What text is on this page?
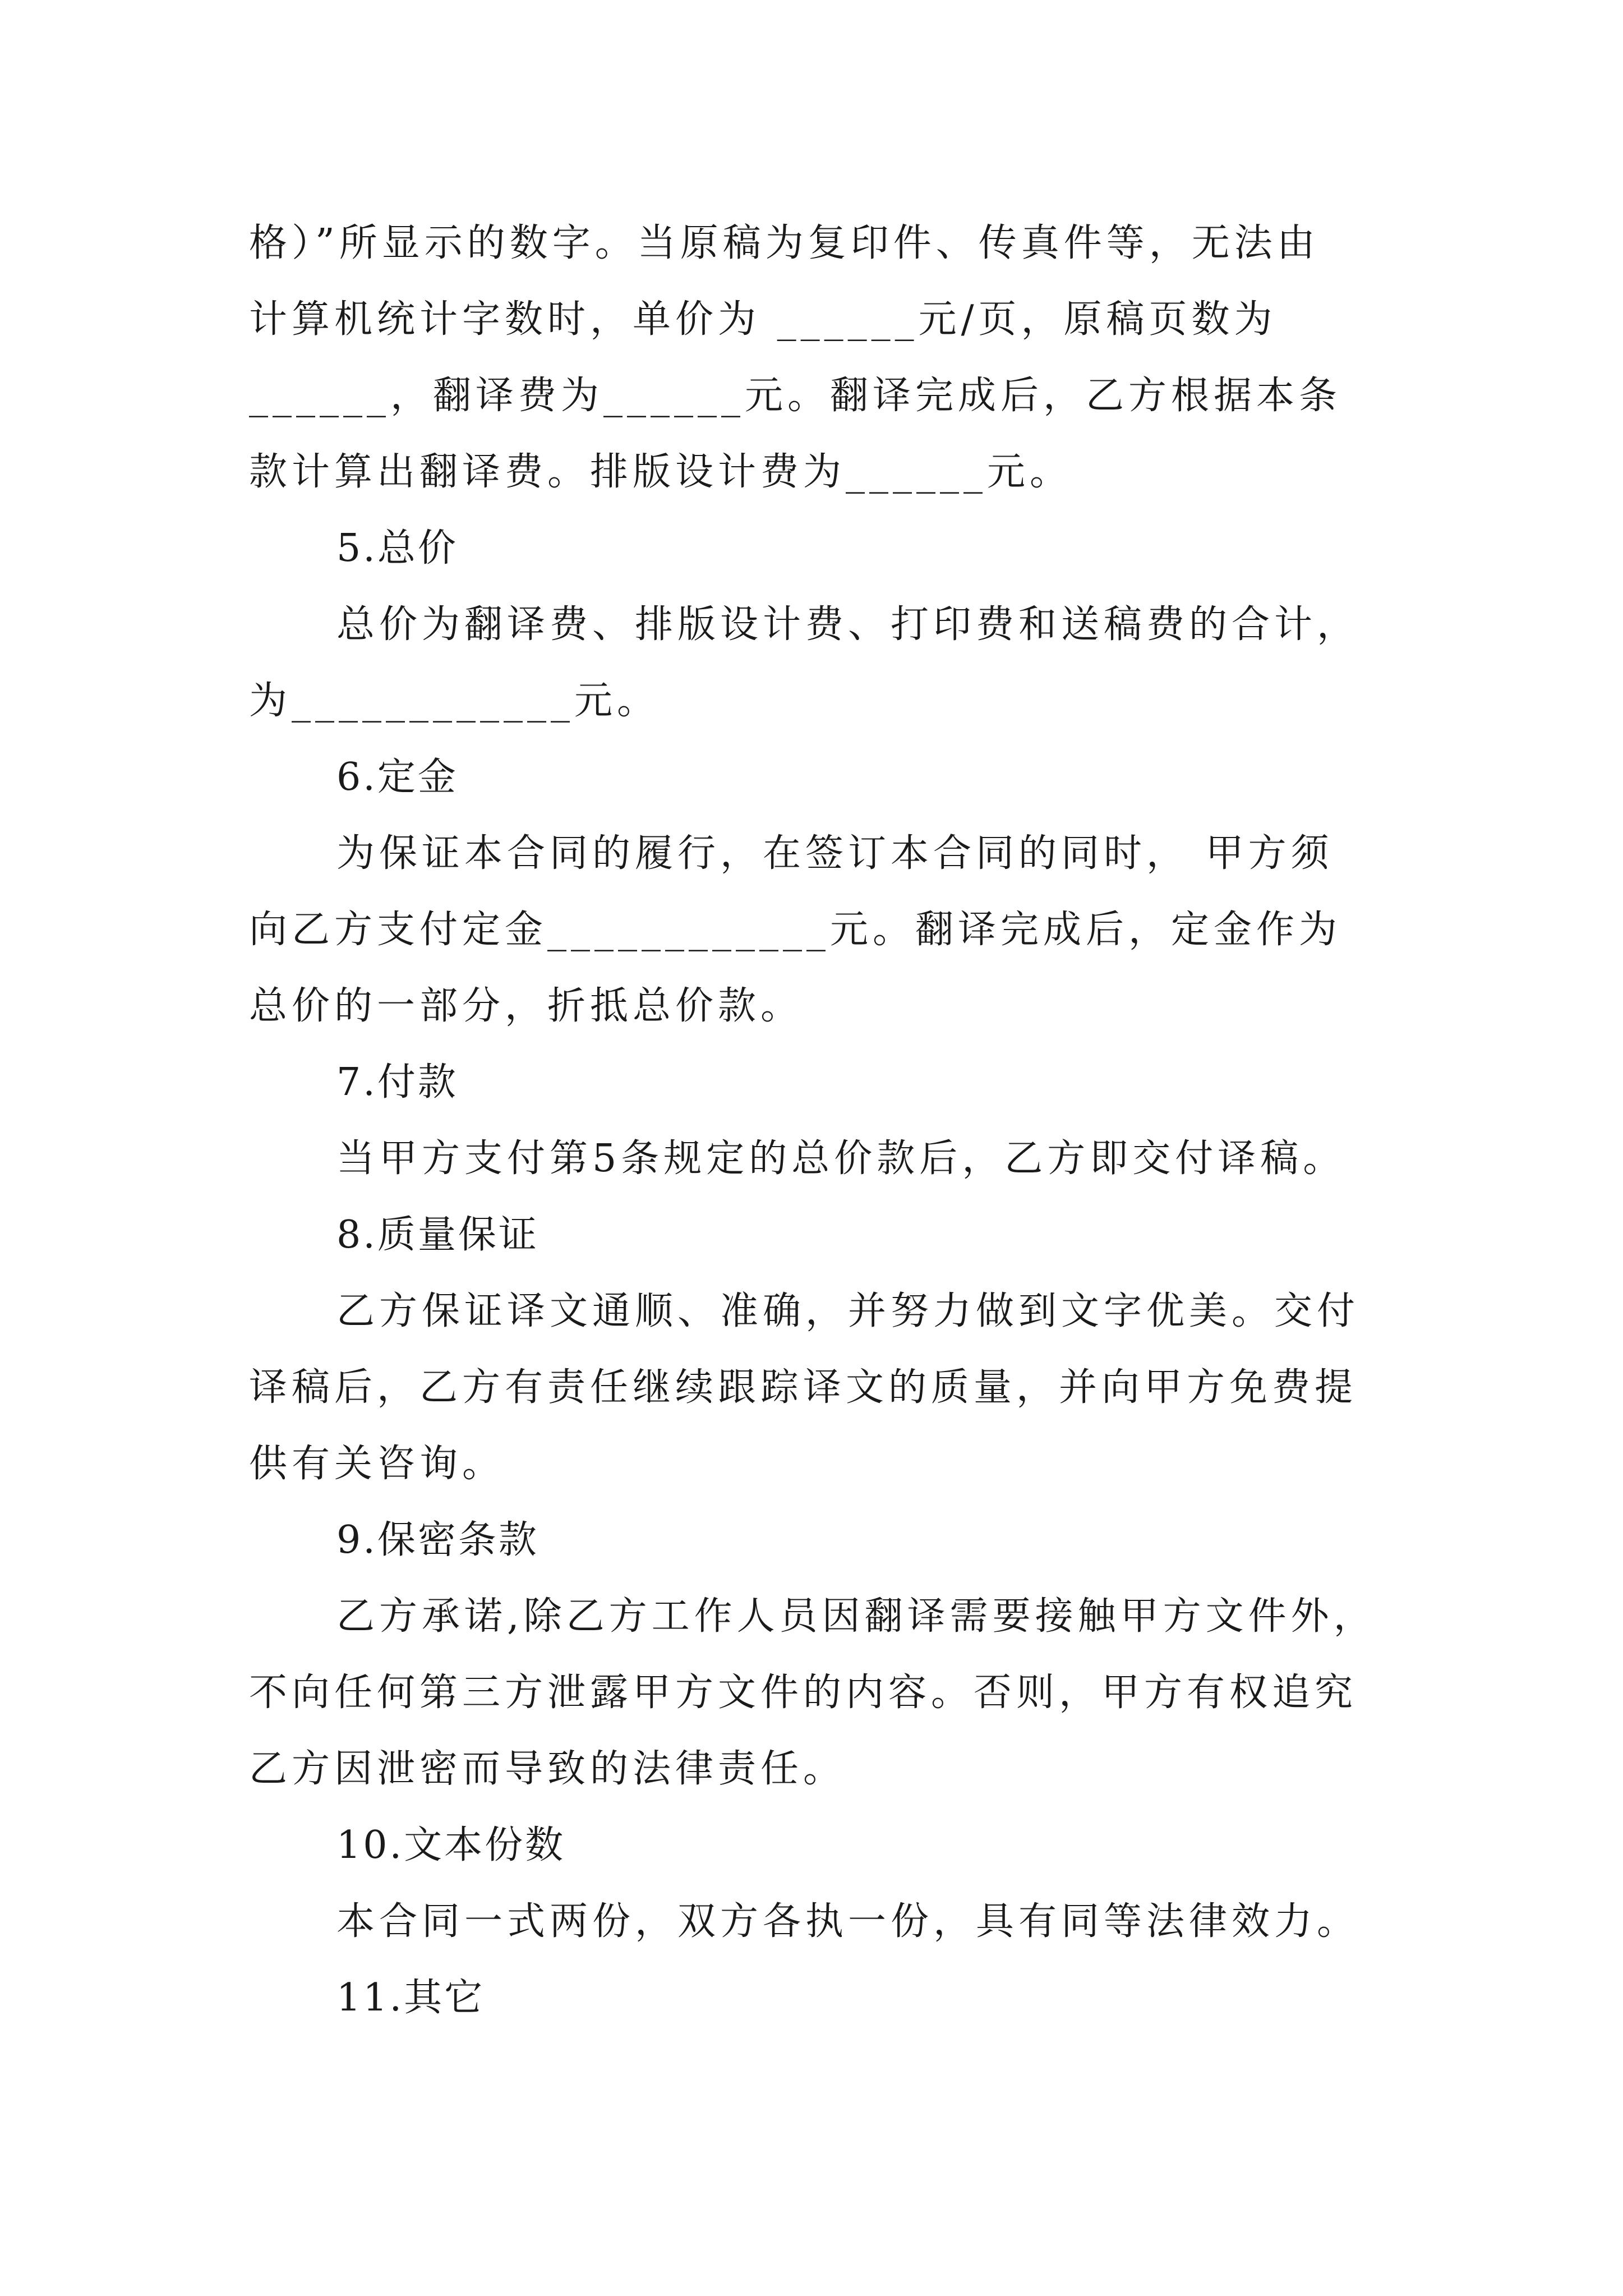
格）”所显示的数字。当原稿为复印件、传真件等，无法由
计算机统计字数时，单价为 ______元/页，原稿页数为
______，翻译费为______元。翻译完成后，乙方根据本条
款计算出翻译费。排版设计费为______元。
5.总价
总价为翻译费、排版设计费、打印费和送稿费的合计，
为____________元。
6.定金
为保证本合同的履行，在签订本合同的同时， 甲方须
向乙方支付定金____________元。翻译完成后，定金作为
总价的一部分，折抵总价款。
7.付款
当甲方支付第5条规定的总价款后，乙方即交付译稿。
8.质量保证
乙方保证译文通顺、准确，并努力做到文字优美。交付
译稿后，乙方有责任继续跟踪译文的质量，并向甲方免费提
供有关咨询。
9.保密条款
乙方承诺,除乙方工作人员因翻译需要接触甲方文件外，
不向任何第三方泄露甲方文件的内容。否则，甲方有权追究
乙方因泄密而导致的法律责任。
10.文本份数
本合同一式两份，双方各执一份，具有同等法律效力。
11.其它
